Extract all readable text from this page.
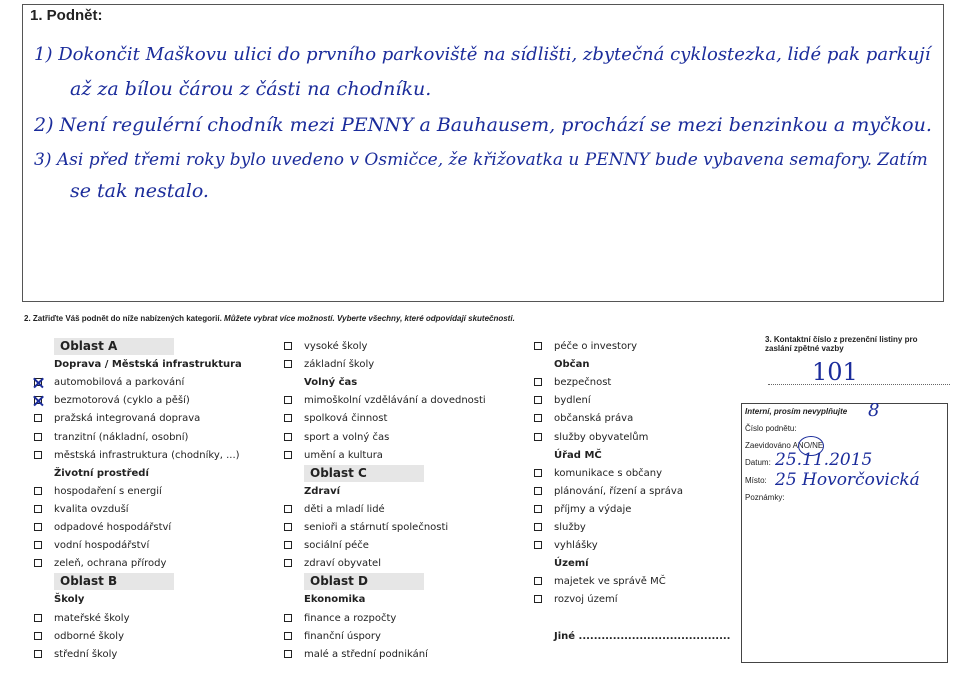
1. Podnět:
1) Dokončit Maškovu ulici do prvního parkoviště na sídlišti, zbytečná cyklostezka, lidé pak parkují
až za bílou čárou z části na chodníku.
2) Není regulérní chodník mezi PENNY a Bauhausem, prochází se mezi benzinkou a myčkou.
3) Asi před třemi roky bylo uvedeno v Osmičce, že křižovatka u PENNY bude vybavena semafory. Zatím
se tak nestalo.
2. Zatřiďte Váš podnět do níže nabízených kategorií. Můžete vybrat více možností. Vyberte všechny, které odpovídají skutečnosti.
Oblast A
Doprava / Městská infrastruktura
automobilová a parkování
bezmotorová (cyklo a pěší)
pražská integrovaná doprava
tranzitní (nákladní, osobní)
městská infrastruktura (chodníky, ...)
Životní prostředí
hospodaření s energií
kvalita ovzduší
odpadové hospodářství
vodní hospodářství
zeleň, ochrana přírody
Oblast B
Školy
mateřské školy
odborné školy
střední školy
vysoké školy
základní školy
Volný čas
mimoškolní vzdělávání a dovednosti
spolková činnost
sport a volný čas
umění a kultura
Oblast C
Zdraví
děti a mladí lidé
senioři a stárnutí společnosti
sociální péče
zdraví obyvatel
Oblast D
Ekonomika
finance a rozpočty
finanční úspory
malé a střední podnikání
péče o investory
Občan
bezpečnost
bydlení
občanská práva
služby obyvatelům
Úřad MČ
komunikace s občany
plánování, řízení a správa
příjmy a výdaje
služby
vyhlášky
Území
majetek ve správě MČ
rozvoj území
Jiné ........................................
3. Kontaktní číslo z prezenční listiny pro zaslání zpětné vazby
101
Interní, prosím nevyplňujte 8
Číslo podnětu:
Zaevidováno ANO/NE
Datum: 25.11.2015
Místo: 25 Hovorčovická
Poznámky:
